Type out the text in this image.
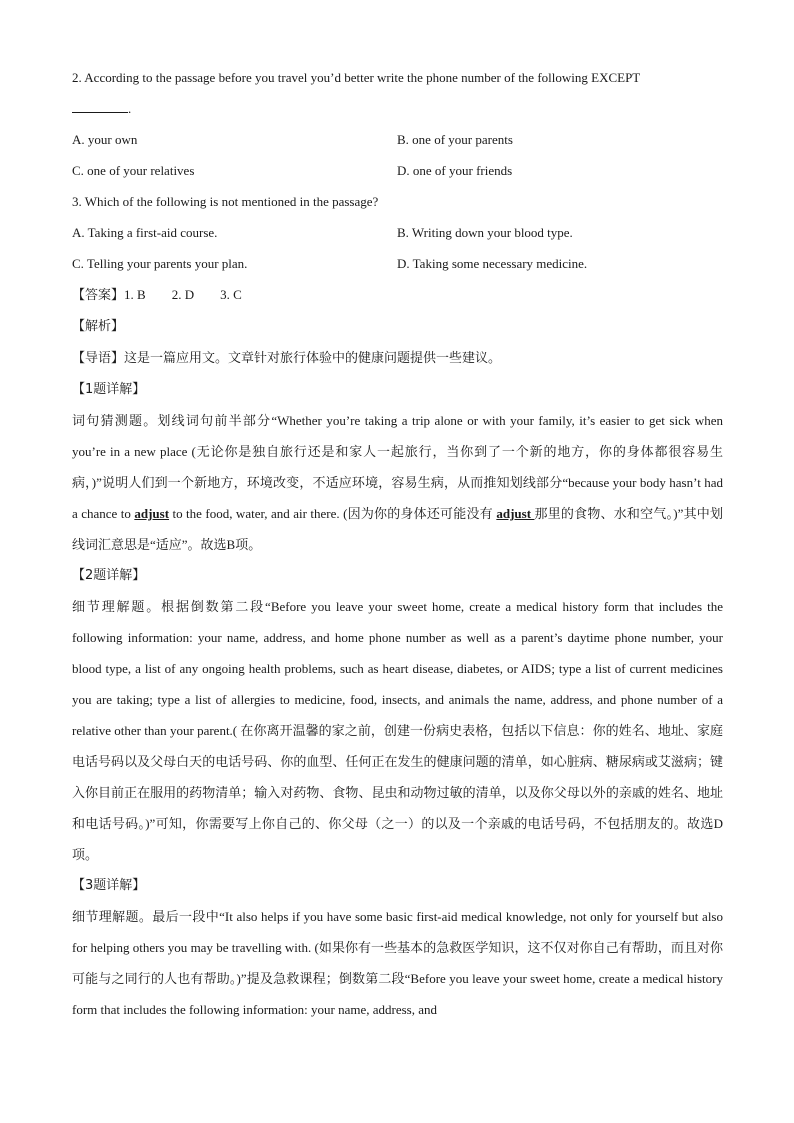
2. According to the passage before you travel you’d better write the phone number of the following EXCEPT
.
A. your own	B. one of your parents
C. one of your relatives	D. one of your friends
3. Which of the following is not mentioned in the passage?
A. Taking a first-aid course.	B. Writing down your blood type.
C. Telling your parents your plan.	D. Taking some necessary medicine.
【答案】1. B 2. D 3. C
【解析】
【导语】这是一篇应用文。文章针对旅行体验中的健康问题提供一些建议。
【1题详解】
词句猜测题。划线词句前半部分“Whether you’re taking a trip alone or with your family, it’s easier to get sick when you’re in a new place (无论你是独自旅行还是和家人一起旅行，当你到了一个新的地方，你的身体都很容易生病，)”说明人们到一个新地方，环境改变，不适应环境，容易生病，从而推知划线部分“because your body hasn’t had a chance to adjust to the food, water, and air there. (因为你的身体还可能没有 adjust 那里的食物、水和空气。)”其中划线词汇意思是“适应”。故选B项。
【2题详解】
细节理解题。根据倒数第二段“Before you leave your sweet home, create a medical history form that includes the following information: your name, address, and home phone number as well as a parent’s daytime phone number, your blood type, a list of any ongoing health problems, such as heart disease, diabetes, or AIDS; type a list of current medicines you are taking; type a list of allergies to medicine, food, insects, and animals the name, address, and phone number of a relative other than your parent.( 在你离开温馨的家之前，创建一份病史表格，包括以下信息：你的姓名、地址、家庭电话号码以及父母白天的电话号码、你的血型、任何正在发生的健康问题的清单，如心脏病、糖尿病或艾滋病；键入你目前正在服用的药物清单；输入对药物、食物、昆虫和动物过敏的清单，以及你父母以外的亲戚的姓名、地址和电话号码。)”可知，你需要写上你自己的、你父母（之一）的以及一个亲戚的电话号码，不包括朋友的。故选D项。
【3题详解】
细节理解题。最后一段中“It also helps if you have some basic first-aid medical knowledge, not only for yourself but also for helping others you may be travelling with. (如果你有一些基本的急救医学知识，这不仅对你自己有帮助，而且对你可能与之同行的人也有帮助。)”提及急救课程；倒数第二段“Before you leave your sweet home, create a medical history form that includes the following information: your name, address, and
